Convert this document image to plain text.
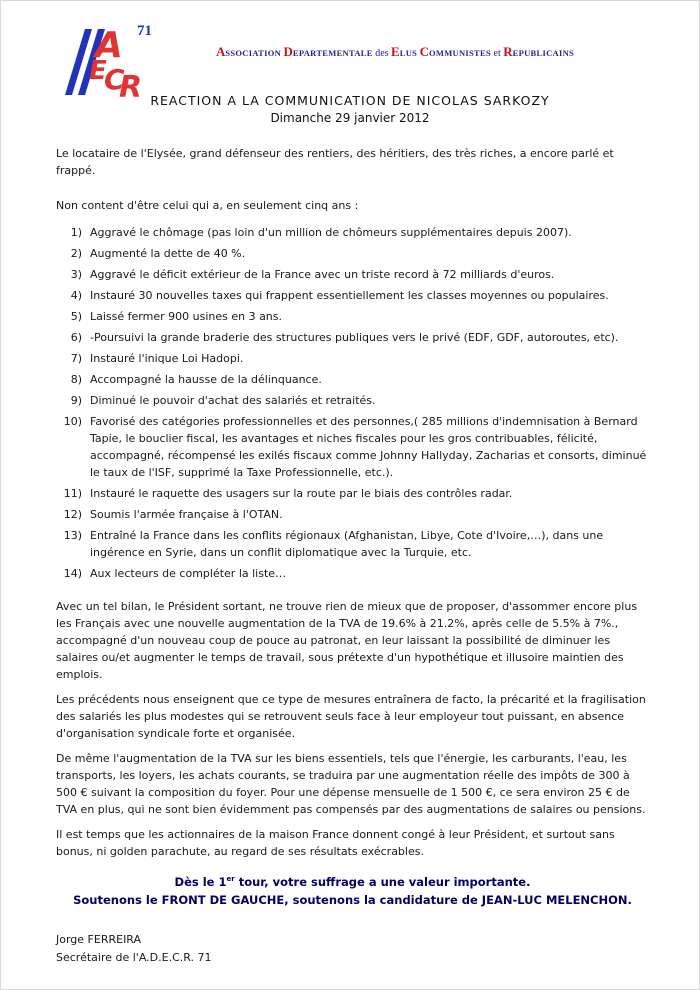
A
E
C
R
71
ASSOCIATION DEPARTEMENTALE des ELUS COMMUNISTES et REPUBLICAINS
REACTION A LA COMMUNICATION DE NICOLAS SARKOZY
Dimanche 29 janvier 2012

Le locataire de l'Elysée, grand défenseur des rentiers, des héritiers, des très riches, a encore parlé et frappé.

Non content d'être celui qui a, en seulement cinq ans :

1) Aggravé le chômage (pas loin d'un million de chômeurs supplémentaires depuis 2007).
2) Augmenté la dette de 40 %.
3) Aggravé le déficit extérieur de la France avec un triste record à 72 milliards d'euros.
4) Instauré 30 nouvelles taxes qui frappent essentiellement les classes moyennes ou populaires.
5) Laissé fermer 900 usines en 3 ans.
6) -Poursuivi la grande braderie des structures publiques vers le privé (EDF, GDF, autoroutes, etc).
7) Instauré l'inique Loi Hadopi.
8) Accompagné la hausse de la délinquance.
9) Diminué le pouvoir d'achat des salariés et retraités.
10) Favorisé des catégories professionnelles et des personnes,( 285 millions d'indemnisation à Bernard Tapie, le bouclier fiscal, les avantages et niches fiscales pour les gros contribuables, félicité, accompagné, récompensé les exilés fiscaux comme Johnny Hallyday, Zacharias et consorts, diminué le taux de l'ISF, supprimé la Taxe Professionnelle, etc.).
11) Instauré le raquette des usagers sur la route par le biais des contrôles radar.
12) Soumis l'armée française à l'OTAN.
13) Entraîné la France dans les conflits régionaux (Afghanistan, Libye, Cote d'Ivoire,…), dans une ingérence en Syrie, dans un conflit diplomatique avec la Turquie, etc.
14) Aux lecteurs de compléter la liste…

Avec un tel bilan, le Président sortant, ne trouve rien de mieux que de proposer, d'assommer encore plus les Français avec une nouvelle augmentation de la TVA de 19.6% à 21.2%, après celle de 5.5% à 7%., accompagné d'un nouveau coup de pouce au patronat, en leur laissant la possibilité de diminuer les salaires ou/et augmenter le temps de travail, sous prétexte d'un hypothétique et illusoire maintien des emplois.

Les précédents nous enseignent que ce type de mesures entraînera de facto, la précarité et la fragilisation des salariés les plus modestes qui se retrouvent seuls face à leur employeur tout puissant, en absence d'organisation syndicale forte et organisée.

De même l'augmentation de la TVA sur les biens essentiels, tels que l'énergie, les carburants, l'eau, les transports, les loyers, les achats courants, se traduira par une augmentation réelle des impôts de 300 à 500 € suivant la composition du foyer. Pour une dépense mensuelle de 1 500 €, ce sera environ 25 € de TVA en plus, qui ne sont bien évidemment pas compensés par des augmentations de salaires ou pensions.

Il est temps que les actionnaires de la maison France donnent congé à leur Président, et surtout sans bonus, ni golden parachute, au regard de ses résultats exécrables.

Dès le 1er tour, votre suffrage a une valeur importante.
Soutenons le FRONT DE GAUCHE, soutenons la candidature de JEAN-LUC MELENCHON.
Jorge FERREIRA
Secrétaire de l'A.D.E.C.R. 71
